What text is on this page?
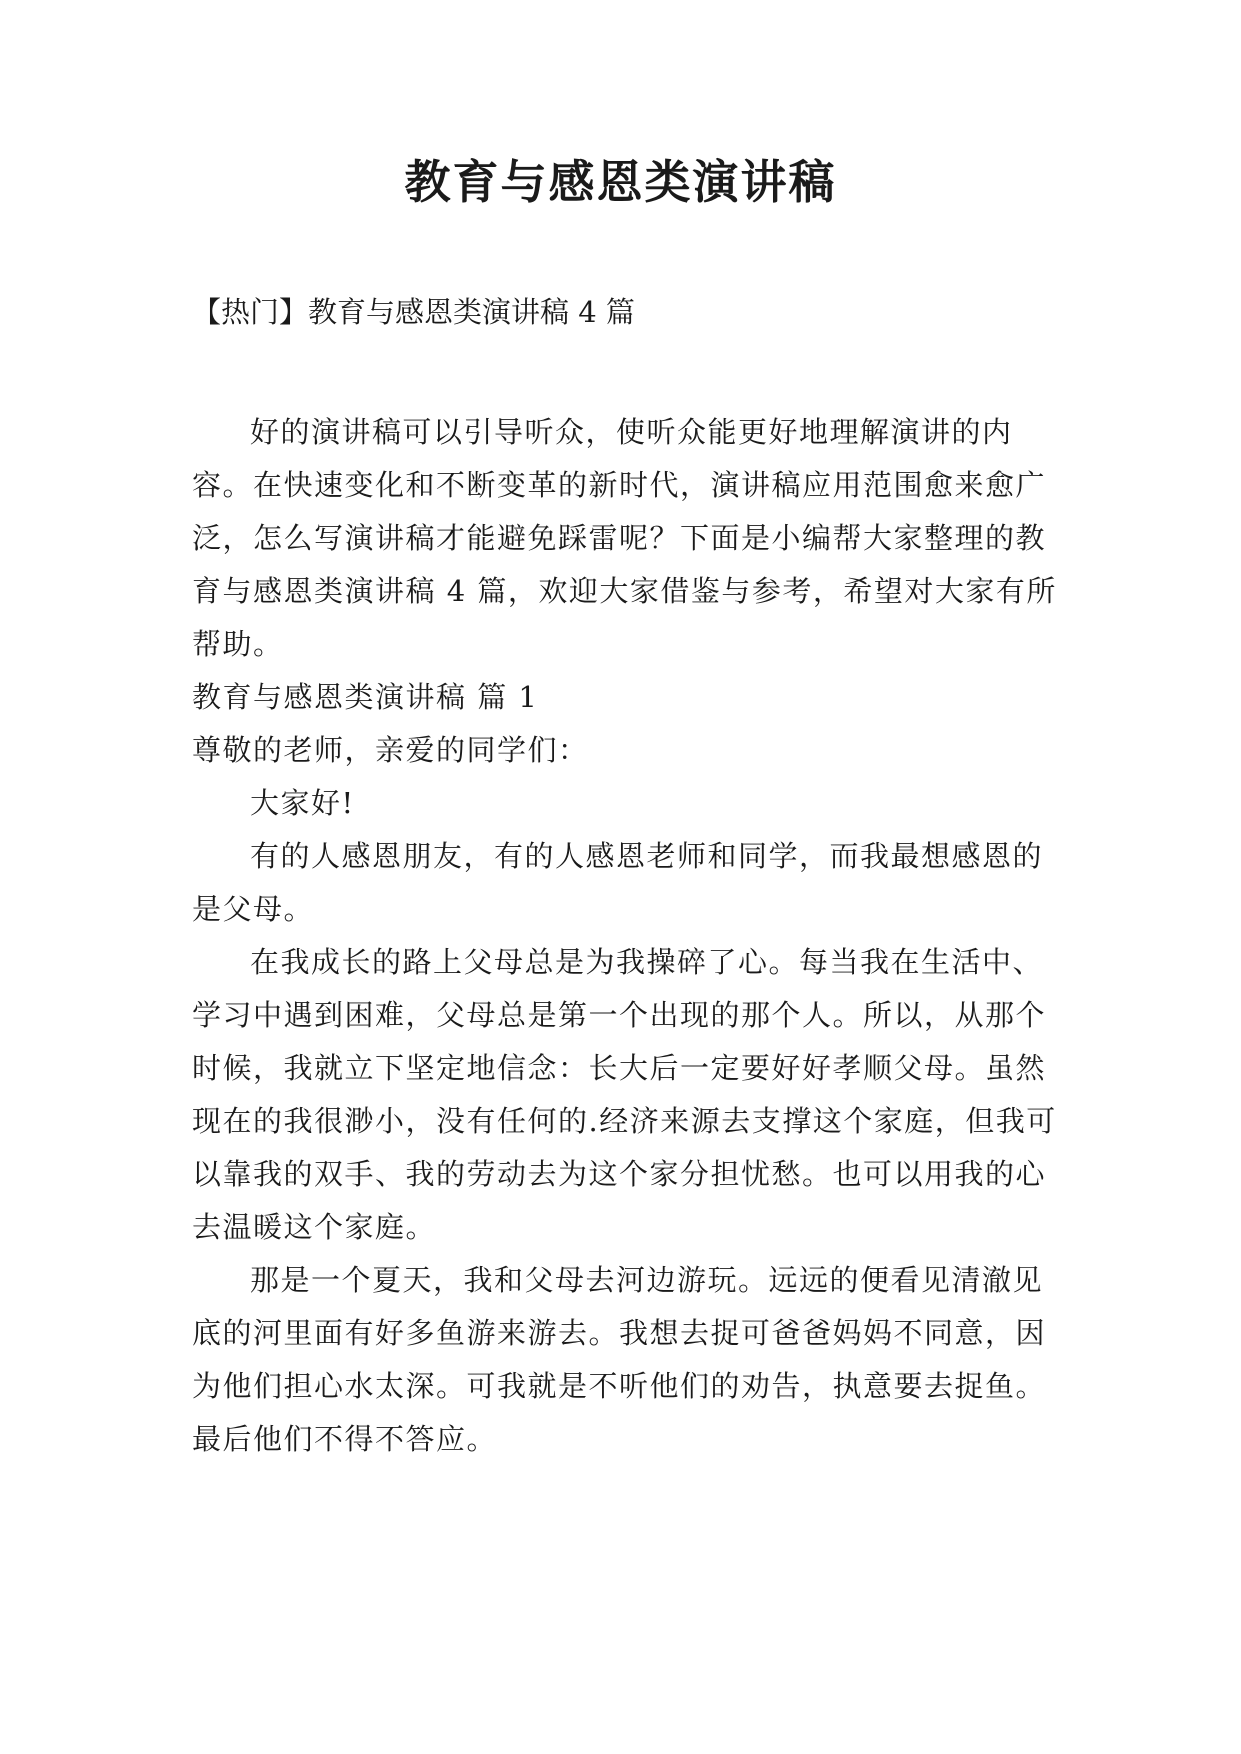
教育与感恩类演讲稿

【热门】教育与感恩类演讲稿 4 篇

好的演讲稿可以引导听众，使听众能更好地理解演讲的内容。在快速变化和不断变革的新时代，演讲稿应用范围愈来愈广泛，怎么写演讲稿才能避免踩雷呢？下面是小编帮大家整理的教育与感恩类演讲稿 4 篇，欢迎大家借鉴与参考，希望对大家有所帮助。

教育与感恩类演讲稿 篇 1

尊敬的老师，亲爱的同学们：

大家好!

有的人感恩朋友，有的人感恩老师和同学，而我最想感恩的是父母。

在我成长的路上父母总是为我操碎了心。每当我在生活中、学习中遇到困难，父母总是第一个出现的那个人。所以，从那个时候，我就立下坚定地信念：长大后一定要好好孝顺父母。虽然现在的我很渺小，没有任何的.经济来源去支撑这个家庭，但我可以靠我的双手、我的劳动去为这个家分担忧愁。也可以用我的心去温暖这个家庭。

那是一个夏天，我和父母去河边游玩。远远的便看见清澈见底的河里面有好多鱼游来游去。我想去捉可爸爸妈妈不同意，因为他们担心水太深。可我就是不听他们的劝告，执意要去捉鱼。最后他们不得不答应。
